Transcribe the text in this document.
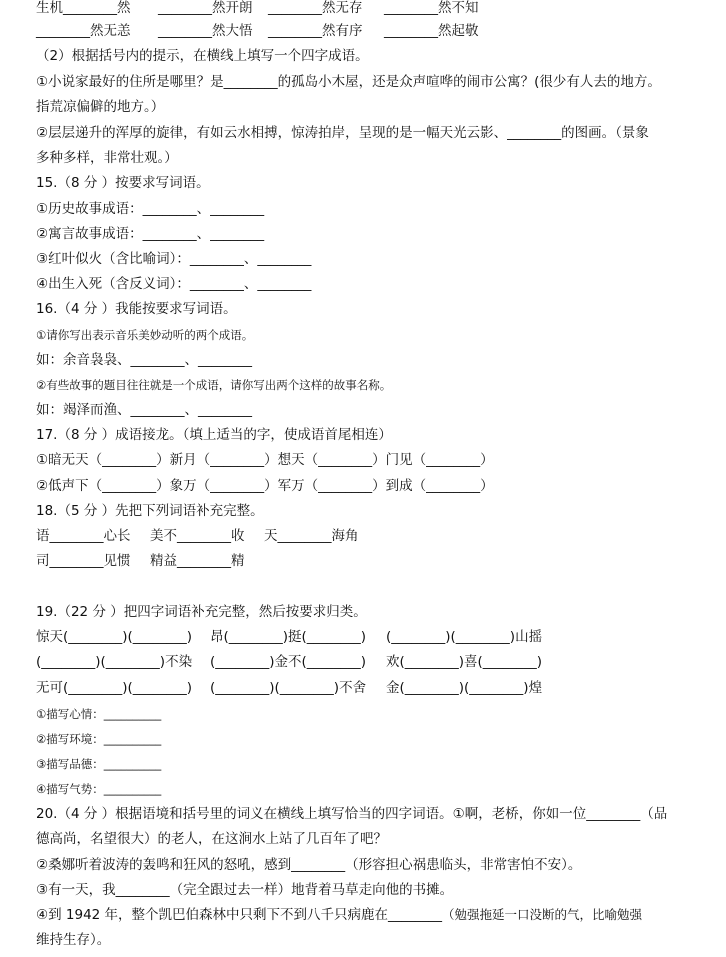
生机________然 ________然开朗 ________然无存 ________然不知
________然无恙 ________然大悟 ________然有序 ________然起敬
（2）根据括号内的提示，在横线上填写一个四字成语。
①小说家最好的住所是哪里？是________的孤岛小木屋，还是众声喧哗的闹市公寓？(很少有人去的地方。
指荒凉偏僻的地方。）
②层层递升的浑厚的旋律，有如云水相搏，惊涛拍岸，呈现的是一幅天光云影、________的图画。（景象
多种多样，非常壮观。）
15.（8 分 ）按要求写词语。
①历史故事成语：________、________
②寓言故事成语：________、________
③红叶似火（含比喻词）：________、________
④出生入死（含反义词）：________、________
16.（4 分 ）我能按要求写词语。
①请你写出表示音乐美妙动听的两个成语。
如：余音袅袅、________、________
②有些故事的题目往往就是一个成语，请你写出两个这样的故事名称。
如：竭泽而渔、________、________
17.（8 分 ）成语接龙。（填上适当的字，使成语首尾相连）
①暗无天（________）新月（________）想天（________）门见（________）
②低声下（________）象万（________）军万（________）到成（________）
18.（5 分 ）先把下列词语补充完整。
语________心长 美不________收 天________海角
司________见惯 精益________精
19.（22 分 ）把四字词语补充完整，然后按要求归类。
惊天(________)(________) 昂(________)挺(________) (________)(________)山摇
(________)(________)不染 (________)金不(________) 欢(________)喜(________)
无可(________)(________) (________)(________)不舍 金(________)(________)煌
①描写心情：__________
②描写环境：__________
③描写品德：__________
④描写气势：__________
20.（4 分 ）根据语境和括号里的词义在横线上填写恰当的四字词语。①啊，老桥，你如一位________（品
德高尚，名望很大）的老人，在这涧水上站了几百年了吧？
②桑娜听着波涛的轰鸣和狂风的怒吼，感到________（形容担心祸患临头，非常害怕不安）。
③有一天，我________（完全跟过去一样）地背着马草走向他的书摊。
④到 1942 年，整个凯巴伯森林中只剩下不到八千只病鹿在________（勉强拖延一口没断的气，比喻勉强
维持生存）。
